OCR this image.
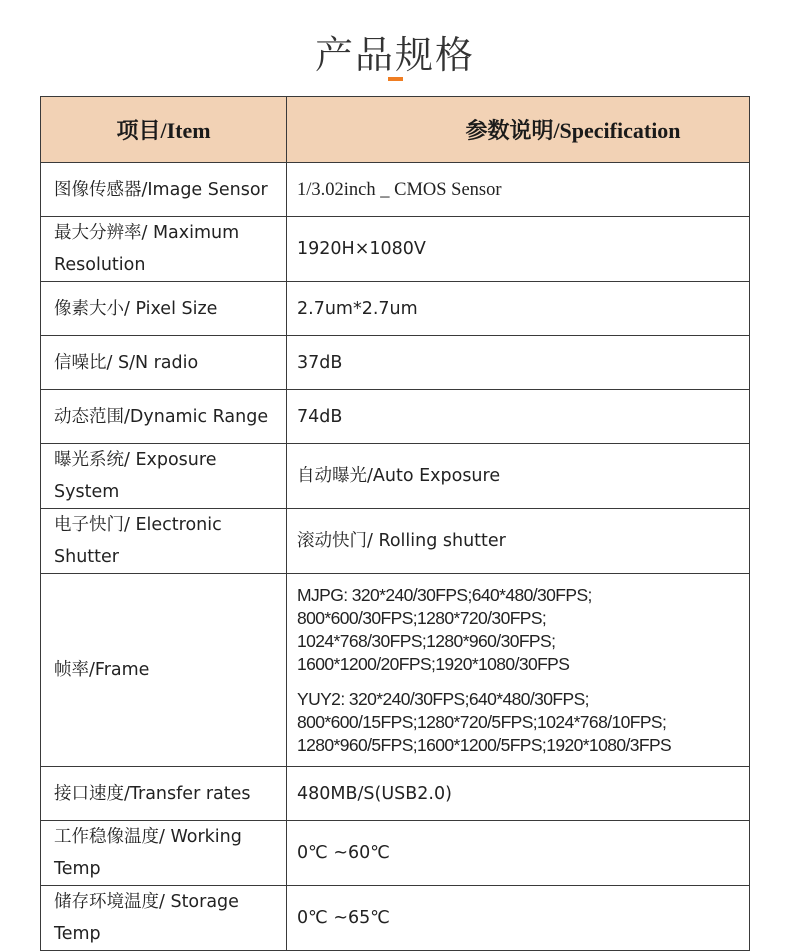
产品规格
项目/Item	参数说明/Specification
图像传感器/Image Sensor	1/3.02inch _ CMOS Sensor
最大分辨率/ Maximum Resolution	1920H×1080V
像素大小/ Pixel Size	2.7um*2.7um
信噪比/ S/N radio	37dB
动态范围/Dynamic Range	74dB
曝光系统/ Exposure System	自动曝光/Auto Exposure
电子快门/ Electronic Shutter	滚动快门/ Rolling shutter
帧率/Frame	MJPG: 320*240/30FPS;640*480/30FPS; 800*600/30FPS;1280*720/30FPS; 1024*768/30FPS;1280*960/30FPS; 1600*1200/20FPS;1920*1080/30FPS
YUY2: 320*240/30FPS;640*480/30FPS; 800*600/15FPS;1280*720/5FPS;1024*768/10FPS; 1280*960/5FPS;1600*1200/5FPS;1920*1080/3FPS

接口速度/Transfer rates	480MB/S(USB2.0)
工作稳像温度/ Working Temp	0℃ ~60℃
储存环境温度/ Storage Temp	0℃ ~65℃
